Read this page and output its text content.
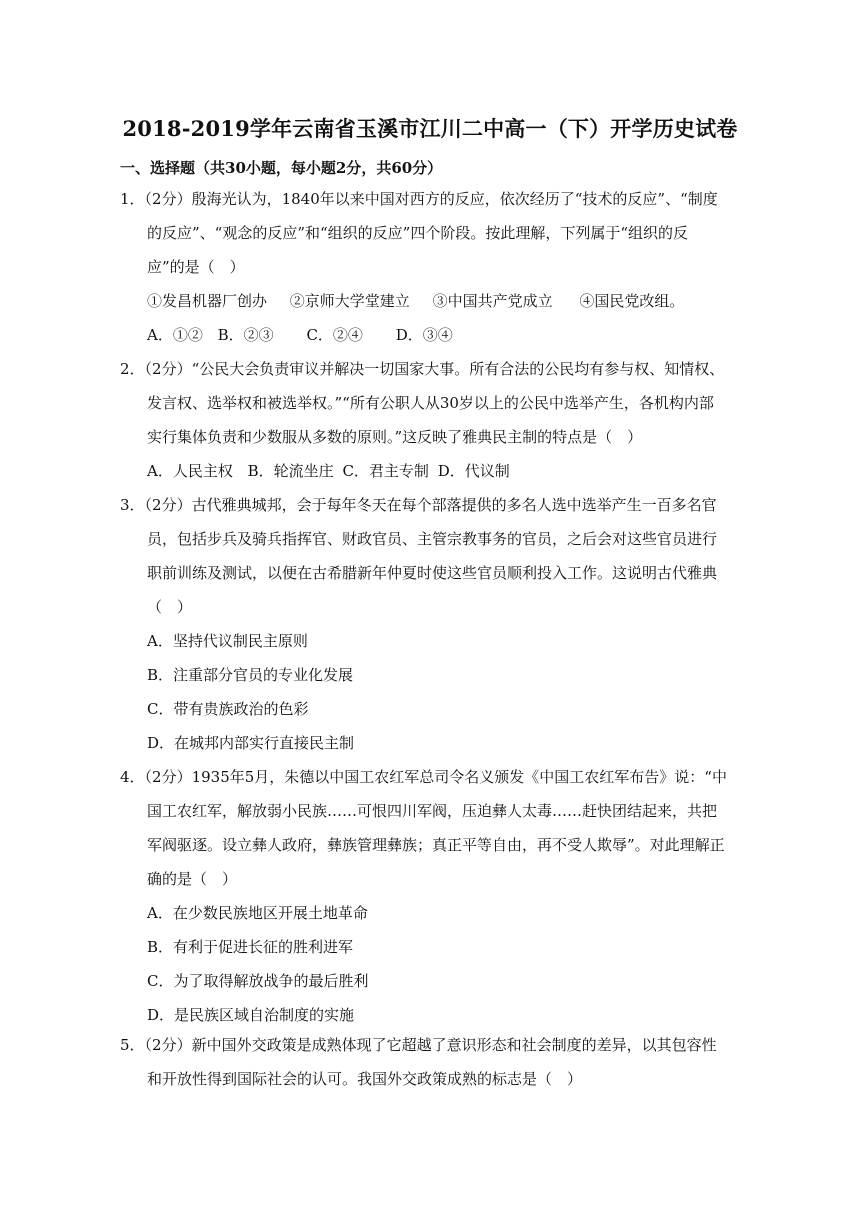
2018-2019学年云南省玉溪市江川二中高一（下）开学历史试卷
一、选择题（共30小题，每小题2分，共60分）
1．（2分）殷海光认为，1840年以来中国对西方的反应，依次经历了“技术的反应”、“制度
的反应”、“观念的反应”和“组织的反应”四个阶段。按此理解，下列属于“组织的反
应”的是（　）
①发昌机器厂创办 ②京师大学堂建立 ③中国共产党成立 ④国民党改组。
A．①② B．②③ C．②④ D．③④
2．（2分）“公民大会负责审议并解决一切国家大事。所有合法的公民均有参与权、知情权、
发言权、选举权和被选举权。”“所有公职人从30岁以上的公民中选举产生，各机构内部
实行集体负责和少数服从多数的原则。”这反映了雅典民主制的特点是（　）
A．人民主权 B．轮流坐庄 C．君主专制 D．代议制
3．（2分）古代雅典城邦，会于每年冬天在每个部落提供的多名人选中选举产生一百多名官
员，包括步兵及骑兵指挥官、财政官员、主管宗教事务的官员，之后会对这些官员进行
职前训练及测试，以便在古希腊新年仲夏时使这些官员顺利投入工作。这说明古代雅典
（　）
A．坚持代议制民主原则
B．注重部分官员的专业化发展
C．带有贵族政治的色彩
D．在城邦内部实行直接民主制
4．（2分）1935年5月，朱德以中国工农红军总司令名义颁发《中国工农红军布告》说：“中
国工农红军，解放弱小民族……可恨四川军阀，压迫彝人太毒……赶快团结起来，共把
军阀驱逐。设立彝人政府，彝族管理彝族；真正平等自由，再不受人欺辱”。对此理解正
确的是（　）
A．在少数民族地区开展土地革命
B．有利于促进长征的胜利进军
C．为了取得解放战争的最后胜利
D．是民族区域自治制度的实施
5．（2分）新中国外交政策是成熟体现了它超越了意识形态和社会制度的差异，以其包容性
和开放性得到国际社会的认可。我国外交政策成熟的标志是（　）
